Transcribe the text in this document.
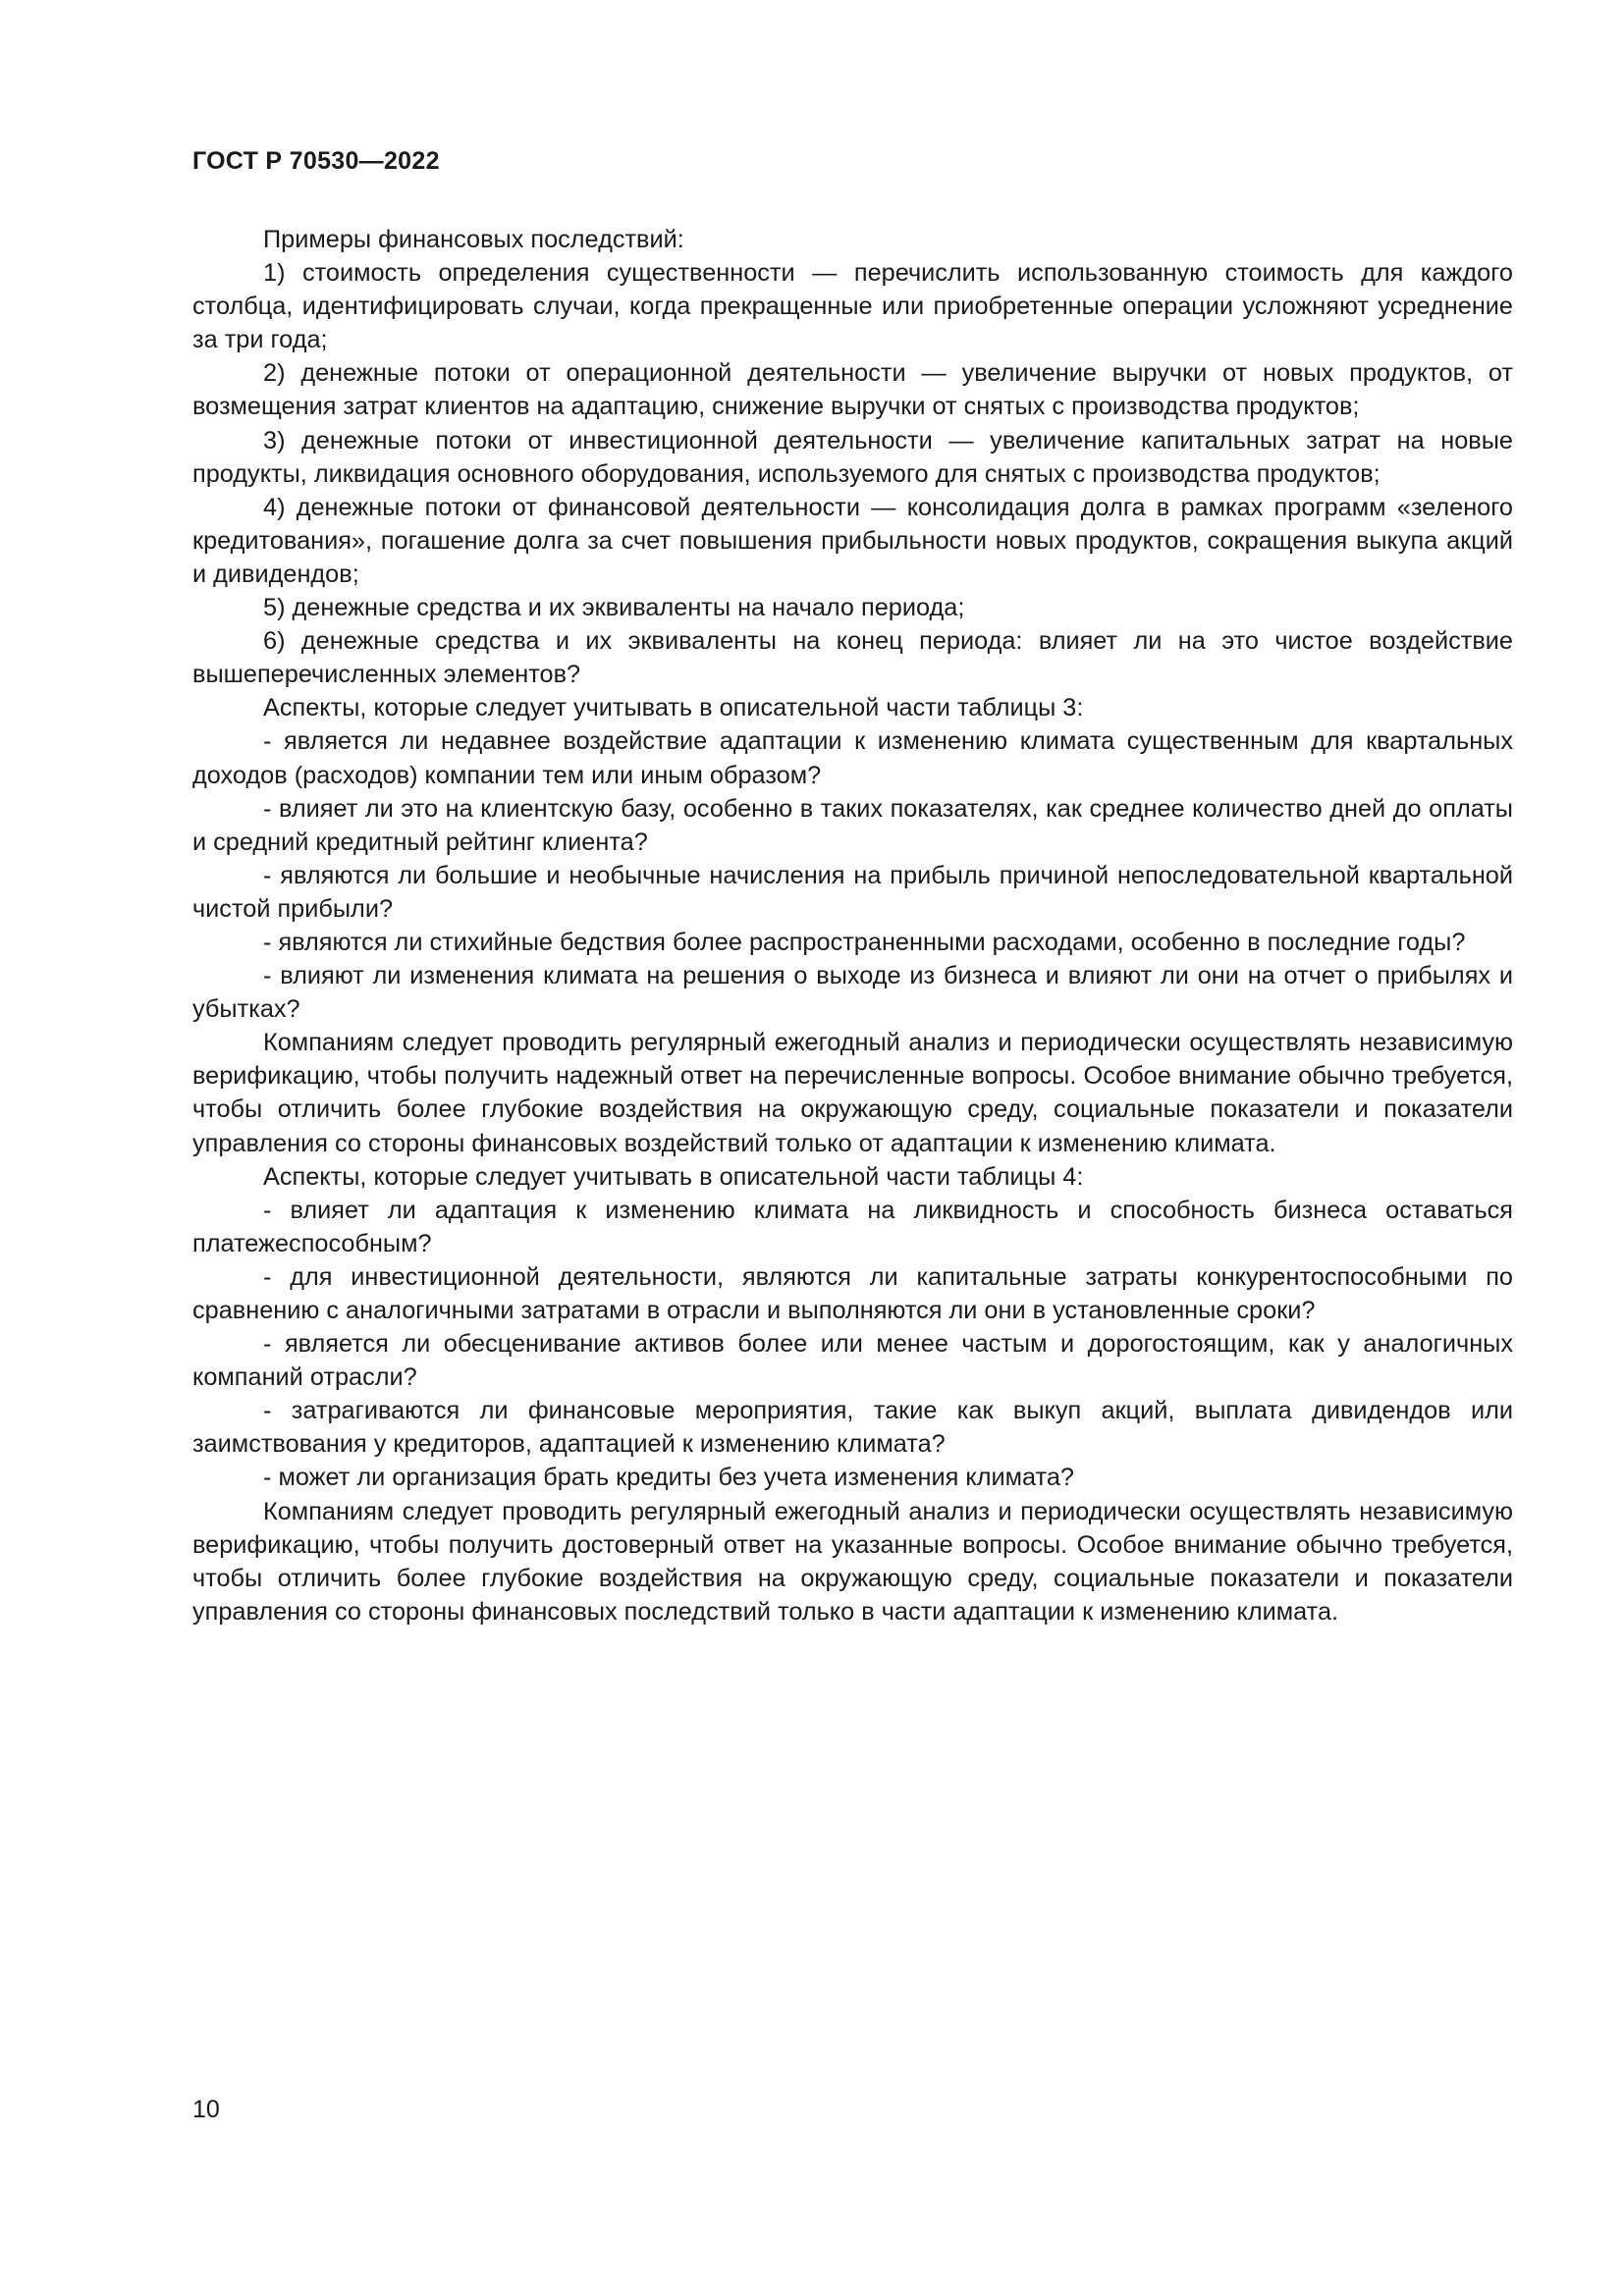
ГОСТ Р 70530—2022

Примеры финансовых последствий:

1) стоимость определения существенности — перечислить использованную стоимость для каждого столбца, идентифицировать случаи, когда прекращенные или приобретенные операции усложняют усреднение за три года;

2) денежные потоки от операционной деятельности — увеличение выручки от новых продуктов, от возмещения затрат клиентов на адаптацию, снижение выручки от снятых с производства продуктов;

3) денежные потоки от инвестиционной деятельности — увеличение капитальных затрат на новые продукты, ликвидация основного оборудования, используемого для снятых с производства продуктов;

4) денежные потоки от финансовой деятельности — консолидация долга в рамках программ «зеленого кредитования», погашение долга за счет повышения прибыльности новых продуктов, сокращения выкупа акций и дивидендов;

5) денежные средства и их эквиваленты на начало периода;

6) денежные средства и их эквиваленты на конец периода: влияет ли на это чистое воздействие вышеперечисленных элементов?

Аспекты, которые следует учитывать в описательной части таблицы 3:

- является ли недавнее воздействие адаптации к изменению климата существенным для квартальных доходов (расходов) компании тем или иным образом?

- влияет ли это на клиентскую базу, особенно в таких показателях, как среднее количество дней до оплаты и средний кредитный рейтинг клиента?

- являются ли большие и необычные начисления на прибыль причиной непоследовательной квартальной чистой прибыли?

- являются ли стихийные бедствия более распространенными расходами, особенно в последние годы?

- влияют ли изменения климата на решения о выходе из бизнеса и влияют ли они на отчет о прибылях и убытках?

Компаниям следует проводить регулярный ежегодный анализ и периодически осуществлять независимую верификацию, чтобы получить надежный ответ на перечисленные вопросы. Особое внимание обычно требуется, чтобы отличить более глубокие воздействия на окружающую среду, социальные показатели и показатели управления со стороны финансовых воздействий только от адаптации к изменению климата.

Аспекты, которые следует учитывать в описательной части таблицы 4:

- влияет ли адаптация к изменению климата на ликвидность и способность бизнеса оставаться платежеспособным?

- для инвестиционной деятельности, являются ли капитальные затраты конкурентоспособными по сравнению с аналогичными затратами в отрасли и выполняются ли они в установленные сроки?

- является ли обесценивание активов более или менее частым и дорогостоящим, как у аналогичных компаний отрасли?

- затрагиваются ли финансовые мероприятия, такие как выкуп акций, выплата дивидендов или заимствования у кредиторов, адаптацией к изменению климата?

- может ли организация брать кредиты без учета изменения климата?

Компаниям следует проводить регулярный ежегодный анализ и периодически осуществлять независимую верификацию, чтобы получить достоверный ответ на указанные вопросы. Особое внимание обычно требуется, чтобы отличить более глубокие воздействия на окружающую среду, социальные показатели и показатели управления со стороны финансовых последствий только в части адаптации к изменению климата.

10
